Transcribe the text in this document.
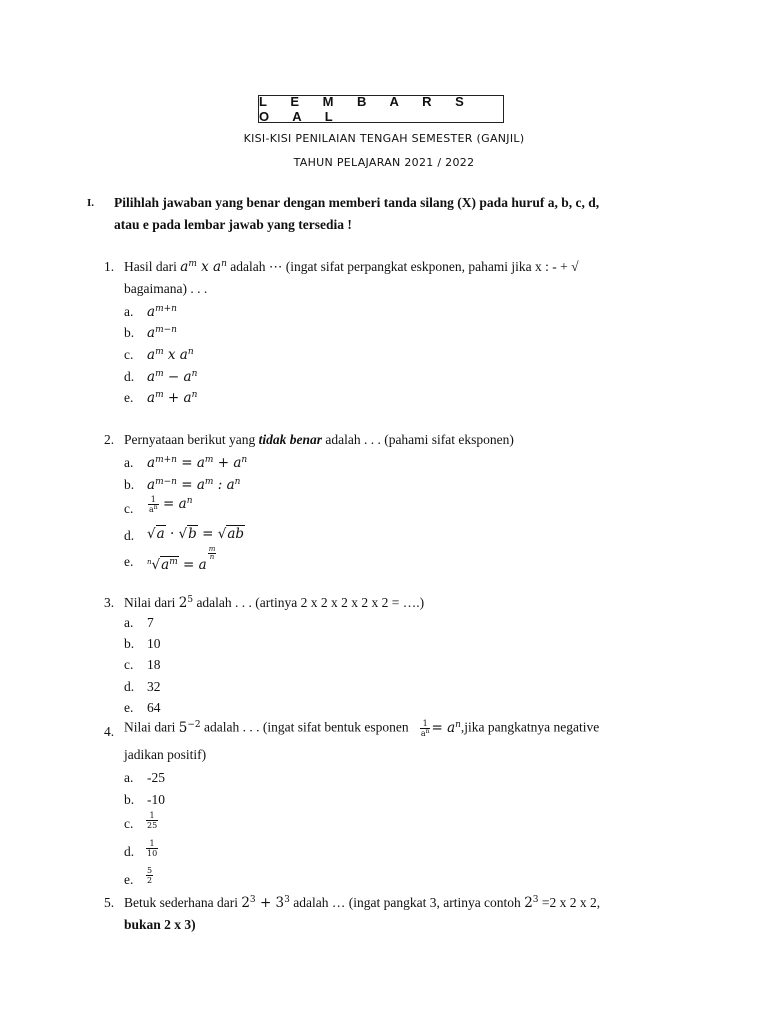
L E M B A R S O A L
KISI-KISI PENILAIAN TENGAH SEMESTER (GANJIL)
TAHUN PELAJARAN 2021 / 2022
I. Pilihlah jawaban yang benar dengan memberi tanda silang (X) pada huruf a, b, c, d,
atau e pada lembar jawab yang tersedia !
1. Hasil dari $a^m$ x $a^n$ adalah ⋯ (ingat sifat perpangkat eskponen, pahami jika x : - + √
bagaimana) . . .
a. $a^{m+n}$
b. $a^{m-n}$
c. $a^m$ x $a^n$
d. $a^m - a^n$
e. $a^m + a^n$
2. Pernyataan berikut yang tidak benar adalah . . . (pahami sifat eksponen)
a. $a^{m+n} = a^m + a^n$
b. $a^{m-n} = a^m$ : $a^n$
c. $\frac{1}{a^n} = a^n$
d. √a · √b = √ab
e. $^n√a^m = a$
$\frac{m}{n}$
3. Nilai dari $2^5$ adalah . . . (artinya 2 x 2 x 2 x 2 x 2 = ….)
a. 7
b. 10
c. 18
d. 32
e. 64
4. Nilai dari $5^{-2}$ adalah . . . (ingat sifat bentuk esponen $\frac{1}{a^n}$ = $a^n,jika$ pangkatnya negative
jadikan positif)
a. -25
b. -10
c. $\frac{1}{25}$
d. $\frac{1}{10}$
e. $\frac{5}{2}$
5. Betuk sederhana dari $2^3 + 3^3$ adalah … (ingat pangkat 3, artinya contoh $2^3 =2$ x 2 x 2,
bukan 2 x 3)
